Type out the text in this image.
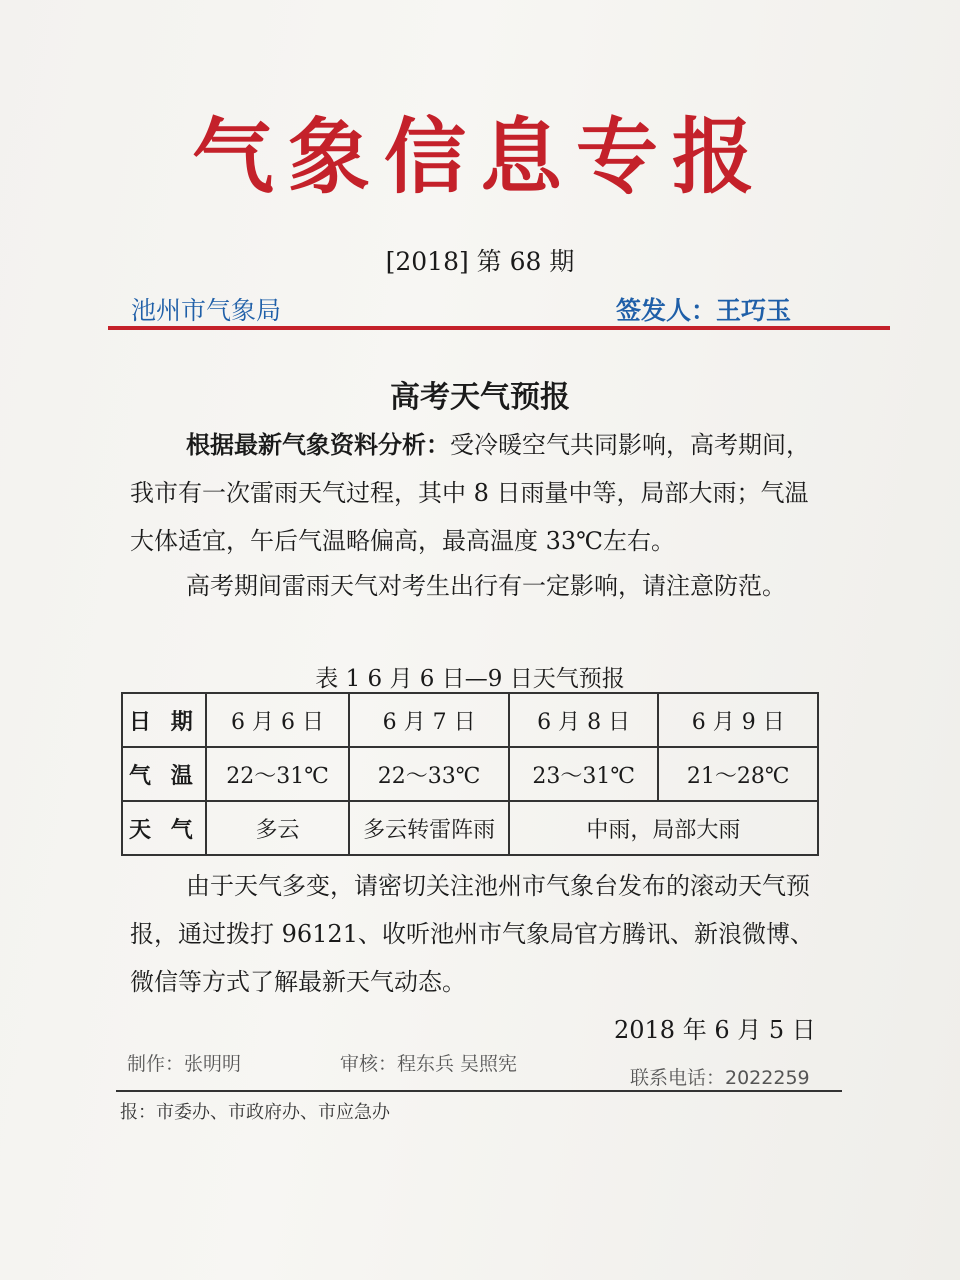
气象信息专报
[2018] 第 68 期
池州市气象局	签发人：王巧玉
高考天气预报
根据最新气象资料分析：受冷暖空气共同影响，高考期间，我市有一次雷雨天气过程，其中 8 日雨量中等，局部大雨；气温大体适宜，午后气温略偏高，最高温度 33℃左右。
高考期间雷雨天气对考生出行有一定影响，请注意防范。
表 1 6 月 6 日—9 日天气预报
日 期	6 月 6 日	6 月 7 日	6 月 8 日	6 月 9 日
气 温	22～31℃	22～33℃	23～31℃	21～28℃
天 气	多云	多云转雷阵雨	中雨，局部大雨	
由于天气多变，请密切关注池州市气象台发布的滚动天气预报，通过拨打 96121、收听池州市气象局官方腾讯、新浪微博、微信等方式了解最新天气动态。
2018 年 6 月 5 日
制作：张明明	审核：程东兵 吴照宪
联系电话：2022259
报：市委办、市政府办、市应急办
